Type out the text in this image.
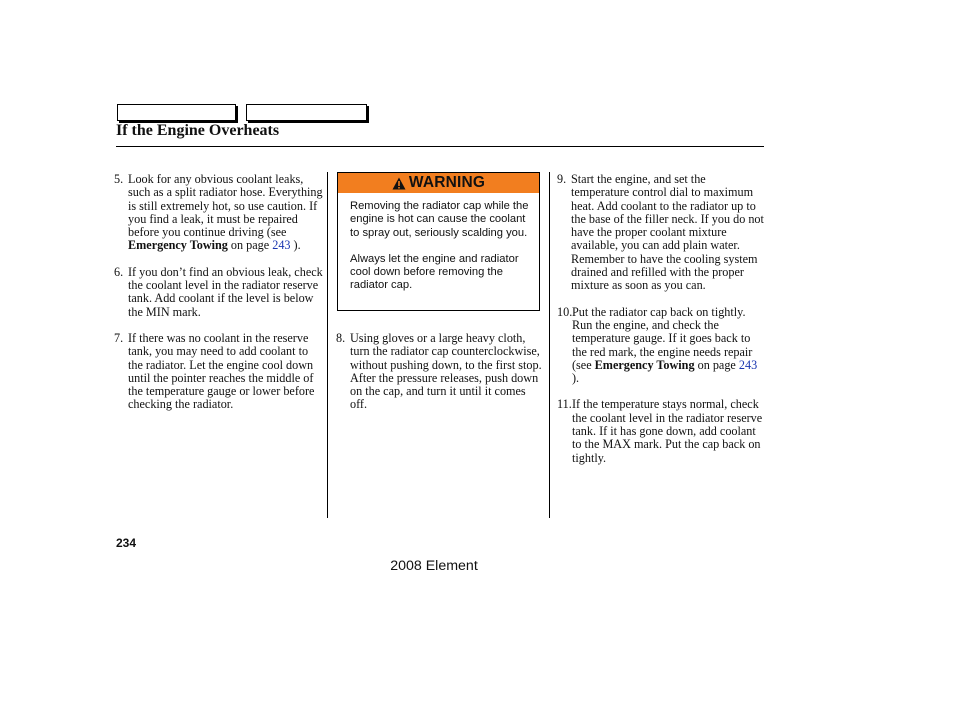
If the Engine Overheats
5. Look for any obvious coolant leaks, such as a split radiator hose. Everything is still extremely hot, so use caution. If you find a leak, it must be repaired before you continue driving (see Emergency Towing on page 243 ).
6. If you don’t find an obvious leak, check the coolant level in the radiator reserve tank. Add coolant if the level is below the MIN mark.
7. If there was no coolant in the reserve tank, you may need to add coolant to the radiator. Let the engine cool down until the pointer reaches the middle of the temperature gauge or lower before checking the radiator.
WARNING

Removing the radiator cap while the engine is hot can cause the coolant to spray out, seriously scalding you.

Always let the engine and radiator cool down before removing the radiator cap.

8. Using gloves or a large heavy cloth, turn the radiator cap counterclockwise, without pushing down, to the first stop. After the pressure releases, push down on the cap, and turn it until it comes off.
9. Start the engine, and set the temperature control dial to maximum heat. Add coolant to the radiator up to the base of the filler neck. If you do not have the proper coolant mixture available, you can add plain water. Remember to have the cooling system drained and refilled with the proper mixture as soon as you can.
10. Put the radiator cap back on tightly. Run the engine, and check the temperature gauge. If it goes back to the red mark, the engine needs repair (see Emergency Towing on page 243 ).
11. If the temperature stays normal, check the coolant level in the radiator reserve tank. If it has gone down, add coolant to the MAX mark. Put the cap back on tightly.
234
2008 Element
